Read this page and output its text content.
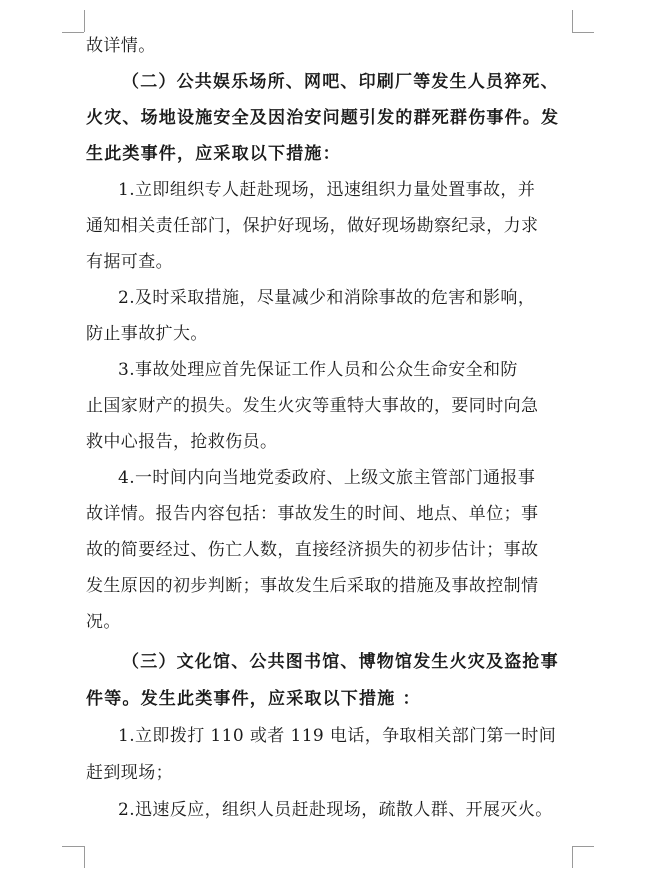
故详情。
（二）公共娱乐场所、网吧、印刷厂等发生人员猝死、
火灾、场地设施安全及因治安问题引发的群死群伤事件。发
生此类事件，应采取以下措施：
1.立即组织专人赶赴现场，迅速组织力量处置事故，并
通知相关责任部门，保护好现场，做好现场勘察纪录，力求
有据可查。
2.及时采取措施，尽量减少和消除事故的危害和影响，
防止事故扩大。
3.事故处理应首先保证工作人员和公众生命安全和防
止国家财产的损失。发生火灾等重特大事故的，要同时向急
救中心报告，抢救伤员。
4.一时间内向当地党委政府、上级文旅主管部门通报事
故详情。报告内容包括：事故发生的时间、地点、单位；事
故的简要经过、伤亡人数，直接经济损失的初步估计；事故
发生原因的初步判断；事故发生后采取的措施及事故控制情
况。
（三）文化馆、公共图书馆、博物馆发生火灾及盗抢事
件等。发生此类事件，应采取以下措施 ：
1.立即拨打 110 或者 119 电话，争取相关部门第一时间
赶到现场；
2.迅速反应，组织人员赶赴现场，疏散人群、开展灭火。
